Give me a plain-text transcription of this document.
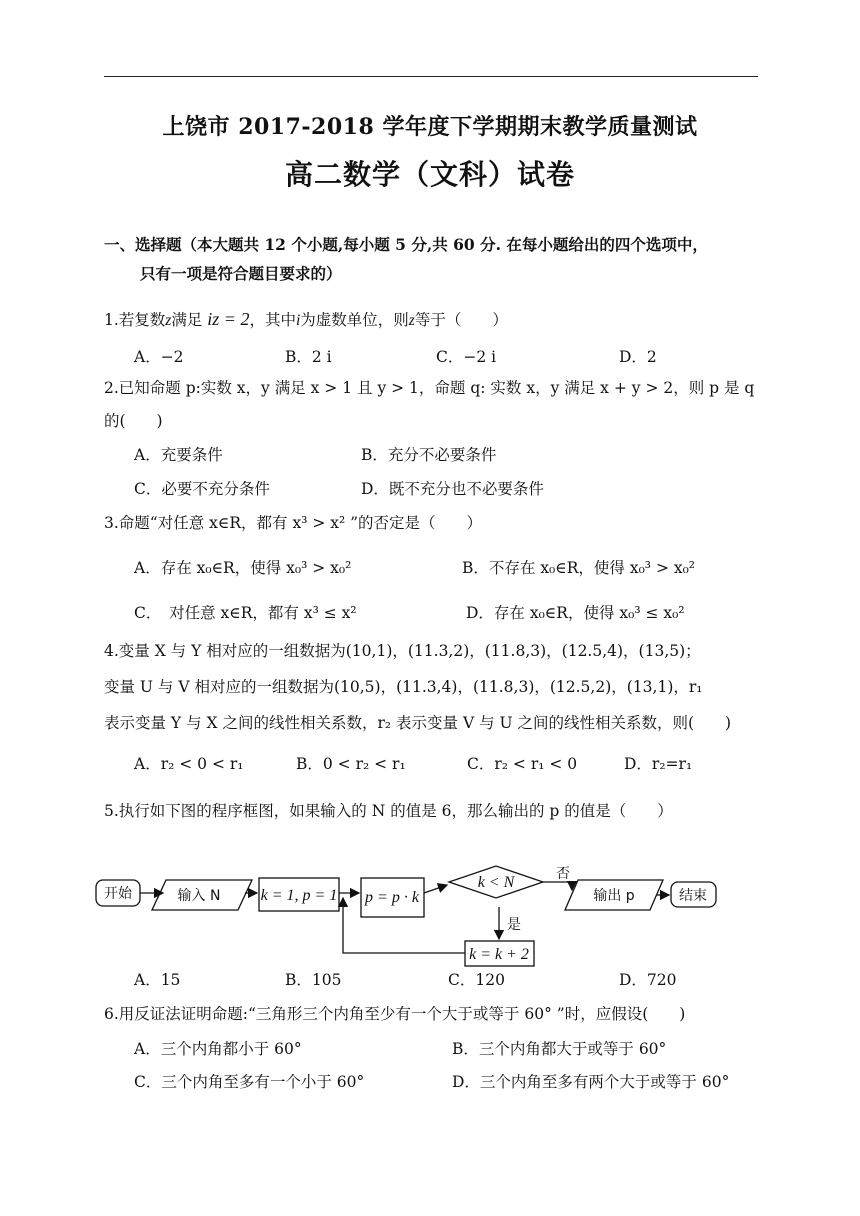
上饶市 2017-2018 学年度下学期期末教学质量测试
高二数学（文科）试卷
一、选择题（本大题共 12 个小题,每小题 5 分,共 60 分. 在每小题给出的四个选项中，
只有一项是符合题目要求的）
1.若复数z满足 iz = 2，其中i为虚数单位，则z等于（　　）
A．−2	B．2 i	C．−2 i	D．2
2.已知命题 p:实数 x，y 满足 x > 1 且 y > 1，命题 q: 实数 x，y 满足 x + y > 2，则 p 是 q
的(　　)
A．充要条件	B．充分不必要条件
C．必要不充分条件	D．既不充分也不必要条件
3.命题“对任意 x∈R，都有 x³ > x² ”的否定是（　　）
A．存在 x₀∈R，使得 x₀³ > x₀²	B．不存在 x₀∈R，使得 x₀³ > x₀²
C．　对任意 x∈R，都有 x³ ≤ x²	D．存在 x₀∈R，使得 x₀³ ≤ x₀²
4.变量 X 与 Y 相对应的一组数据为(10,1)，(11.3,2)，(11.8,3)，(12.5,4)，(13,5)；
变量 U 与 V 相对应的一组数据为(10,5)，(11.3,4)，(11.8,3)，(12.5,2)，(13,1)，r₁
表示变量 Y 与 X 之间的线性相关系数，r₂ 表示变量 V 与 U 之间的线性相关系数，则(　　)
A．r₂ < 0 < r₁	B．0 < r₂ < r₁	C．r₂ < r₁ < 0	D．r₂=r₁
5.执行如下图的程序框图，如果输入的 N 的值是 6，那么输出的 p 的值是（　　）
开始	输入 N	k = 1, p = 1 p = p · k
k < N	否
输出 p	结束
是
k = k + 2
A．15	B．105	C．120	D．720
6.用反证法证明命题:“三角形三个内角至少有一个大于或等于 60° ”时，应假设(　　)
A．三个内角都小于 60°	B．三个内角都大于或等于 60°
C．三个内角至多有一个小于 60°	D．三个内角至多有两个大于或等于 60°
